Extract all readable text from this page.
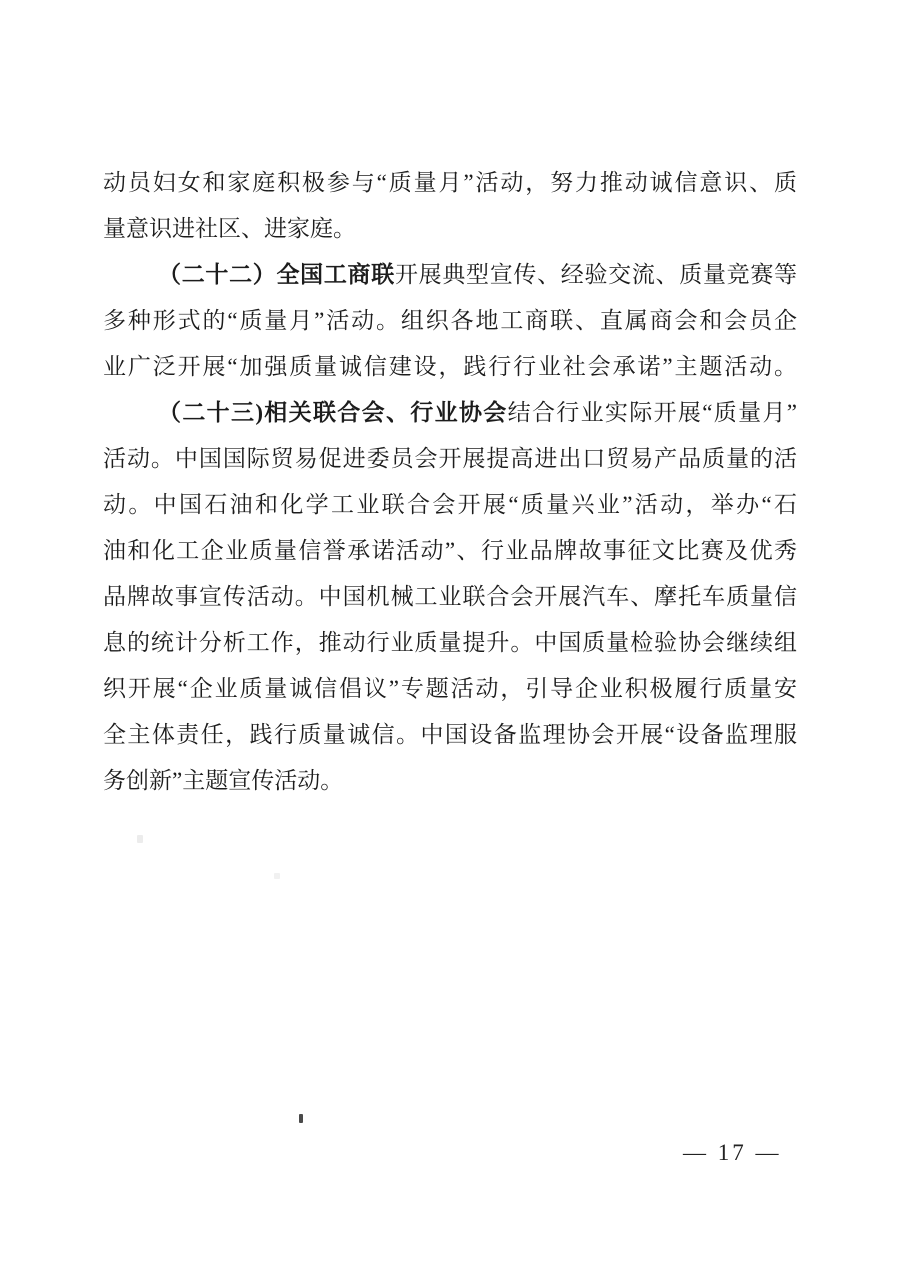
动员妇女和家庭积极参与“质量月”活动，努力推动诚信意识、质
量意识进社区、进家庭。
（二十二）全国工商联开展典型宣传、经验交流、质量竞赛等
多种形式的“质量月”活动。组织各地工商联、直属商会和会员企
业广泛开展“加强质量诚信建设，践行行业社会承诺”主题活动。
（二十三)相关联合会、行业协会结合行业实际开展“质量月”
活动。中国国际贸易促进委员会开展提高进出口贸易产品质量的活
动。中国石油和化学工业联合会开展“质量兴业”活动，举办“石
油和化工企业质量信誉承诺活动”、行业品牌故事征文比赛及优秀
品牌故事宣传活动。中国机械工业联合会开展汽车、摩托车质量信
息的统计分析工作，推动行业质量提升。中国质量检验协会继续组
织开展“企业质量诚信倡议”专题活动，引导企业积极履行质量安
全主体责任，践行质量诚信。中国设备监理协会开展“设备监理服
务创新”主题宣传活动。
— 17 —
